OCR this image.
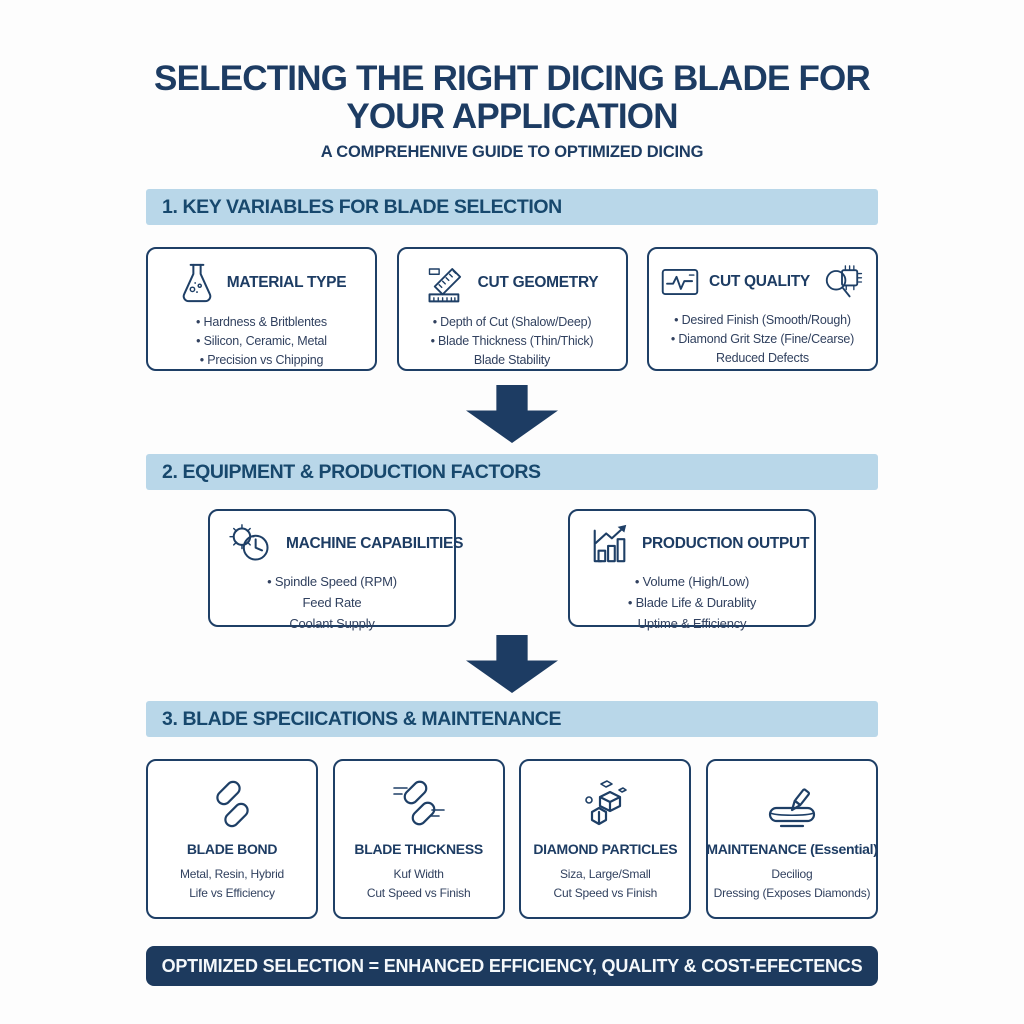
SELECTING THE RIGHT DICING BLADE FOR
YOUR APPLICATION
A COMPREHENIVE GUIDE TO OPTIMIZED DICING
1. KEY VARIABLES FOR BLADE SELECTION
MATERIAL TYPE
• Hardness & Britblentes
• Silicon, Ceramic, Metal
• Precision vs Chipping
CUT GEOMETRY
• Depth of Cut (Shalow/Deep)
• Blade Thickness (Thin/Thick)
Blade Stability
CUT QUALITY
• Desired Finish (Smooth/Rough)
• Diamond Grit Stze (Fine/Cearse)
Reduced Defects
2. EQUIPMENT & PRODUCTION FACTORS
MACHINE CAPABILITIES
• Spindle Speed (RPM)
Feed Rate
Coolant Supply
PRODUCTION OUTPUT
• Volume (High/Low)
• Blade Life & Durablity
Uptime & Efficiency
3. BLADE SPECIICATIONS & MAINTENANCE
BLADE BOND
Metal, Resin, Hybrid
Life vs Efficiency
BLADE THICKNESS
Kuf Width
Cut Speed vs Finish
DIAMOND PARTICLES
Siza, Large/Small
Cut Speed vs Finish
MAINTENANCE (Essential)
Deciliog
Dressing (Exposes Diamonds)
OPTIMIZED SELECTION = ENHANCED EFFICIENCY, QUALITY & COST-EFECTENCS
